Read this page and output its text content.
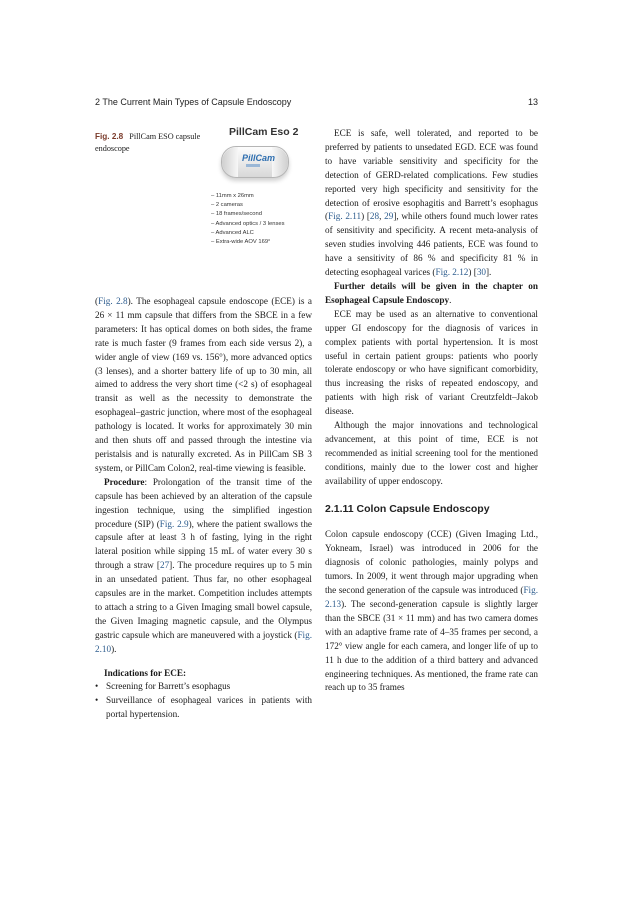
2 The Current Main Types of Capsule Endoscopy	13
Fig. 2.8 PillCam ESO capsule endoscope
PillCam Eso 2
PillCam
– 11mm x 26mm
– 2 cameras
– 18 frames/second
– Advanced optics / 3 lenses
– Advanced ALC
– Extra-wide AOV 169°

(Fig. 2.8). The esophageal capsule endoscope (ECE) is a 26 × 11 mm capsule that differs from the SBCE in a few parameters: It has optical domes on both sides, the frame rate is much faster (9 frames from each side versus 2), a wider angle of view (169 vs. 156°), more advanced optics (3 lenses), and a shorter battery life of up to 30 min, all aimed to address the very short time (<2 s) of esophageal transit as well as the necessity to demonstrate the esophageal–gastric junction, where most of the esophageal pathology is located. It works for approximately 30 min and then shuts off and passed through the intestine via peristalsis and is naturally excreted. As in PillCam SB 3 system, or PillCam Colon2, real-time viewing is feasible.

Procedure: Prolongation of the transit time of the capsule has been achieved by an alteration of the capsule ingestion technique, using the simplified ingestion procedure (SIP) (Fig. 2.9), where the patient swallows the capsule after at least 3 h of fasting, lying in the right lateral position while sipping 15 mL of water every 30 s through a straw [27]. The procedure requires up to 5 min in an unsedated patient. Thus far, no other esophageal capsules are in the market. Competition includes attempts to attach a string to a Given Imaging small bowel capsule, the Given Imaging magnetic capsule, and the Olympus gastric capsule which are maneuvered with a joystick (Fig. 2.10).

Indications for ECE:
• Screening for Barrett’s esophagus
• Surveillance of esophageal varices in patients with portal hypertension.

ECE is safe, well tolerated, and reported to be preferred by patients to unsedated EGD. ECE was found to have variable sensitivity and specificity for the detection of GERD-related complications. Few studies reported very high specificity and sensitivity for the detection of erosive esophagitis and Barrett’s esophagus (Fig. 2.11) [28, 29], while others found much lower rates of sensitivity and specificity. A recent meta-analysis of seven studies involving 446 patients, ECE was found to have a sensitivity of 86 % and specificity 81 % in detecting esophageal varices (Fig. 2.12) [30].

Further details will be given in the chapter on Esophageal Capsule Endoscopy.

ECE may be used as an alternative to conventional upper GI endoscopy for the diagnosis of varices in complex patients with portal hypertension. It is most useful in certain patient groups: patients who poorly tolerate endoscopy or who have significant comorbidity, thus increasing the risks of repeated endoscopy, and patients with high risk of variant Creutzfeldt–Jakob disease.

Although the major innovations and technological advancement, at this point of time, ECE is not recommended as initial screening tool for the mentioned conditions, mainly due to the lower cost and higher availability of upper endoscopy.

2.1.11 Colon Capsule Endoscopy

Colon capsule endoscopy (CCE) (Given Imaging Ltd., Yokneam, Israel) was introduced in 2006 for the diagnosis of colonic pathologies, mainly polyps and tumors. In 2009, it went through major upgrading when the second generation of the capsule was introduced (Fig. 2.13). The second-generation capsule is slightly larger than the SBCE (31 × 11 mm) and has two camera domes with an adaptive frame rate of 4–35 frames per second, a 172° view angle for each camera, and longer life of up to 11 h due to the addition of a third battery and advanced engineering techniques. As mentioned, the frame rate can reach up to 35 frames
